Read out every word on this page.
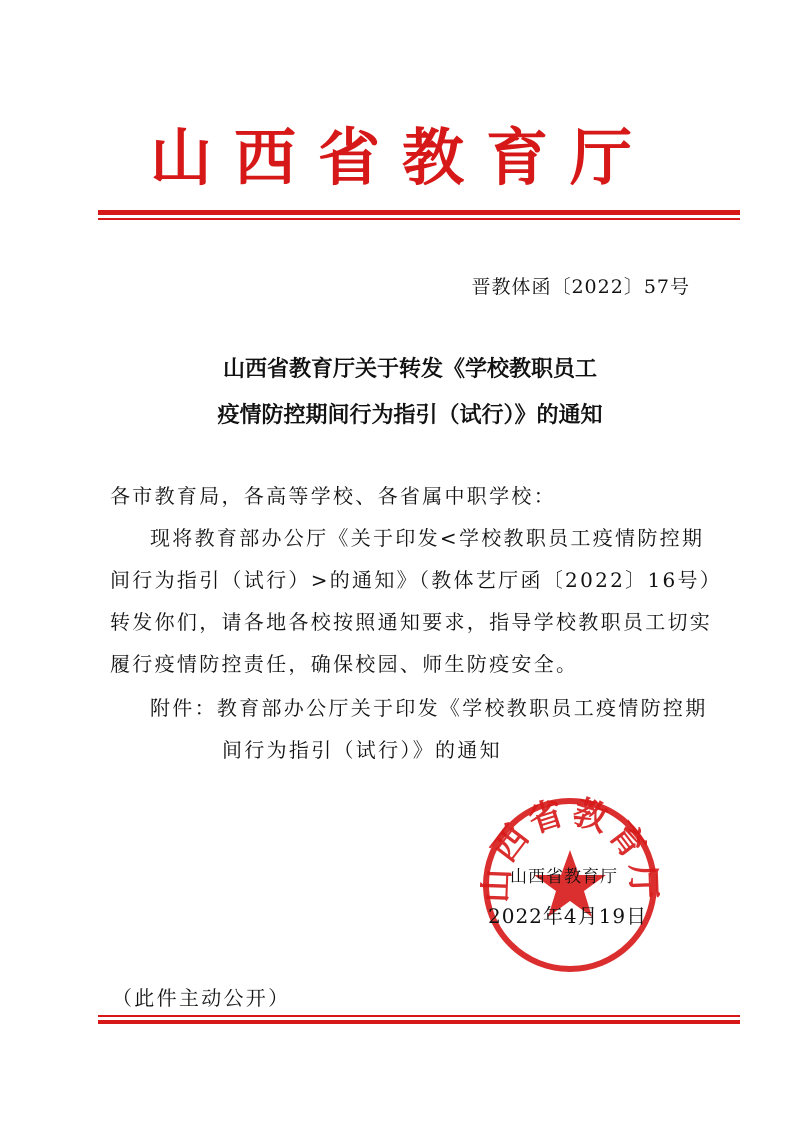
山西省教育厅
晋教体函〔2022〕57号
山西省教育厅关于转发《学校教职员工
疫情防控期间行为指引（试行）》的通知
各市教育局，各高等学校、各省属中职学校：
现将教育部办公厅《关于印发<学校教职员工疫情防控期
间行为指引（试行）>的通知》（教体艺厅函〔2022〕16号）
转发你们，请各地各校按照通知要求，指导学校教职员工切实
履行疫情防控责任，确保校园、师生防疫安全。
附件：教育部办公厅关于印发《学校教职员工疫情防控期
间行为指引（试行）》的通知
山西省教育厅
山西省教育厅
2022年4月19日
（此件主动公开）
